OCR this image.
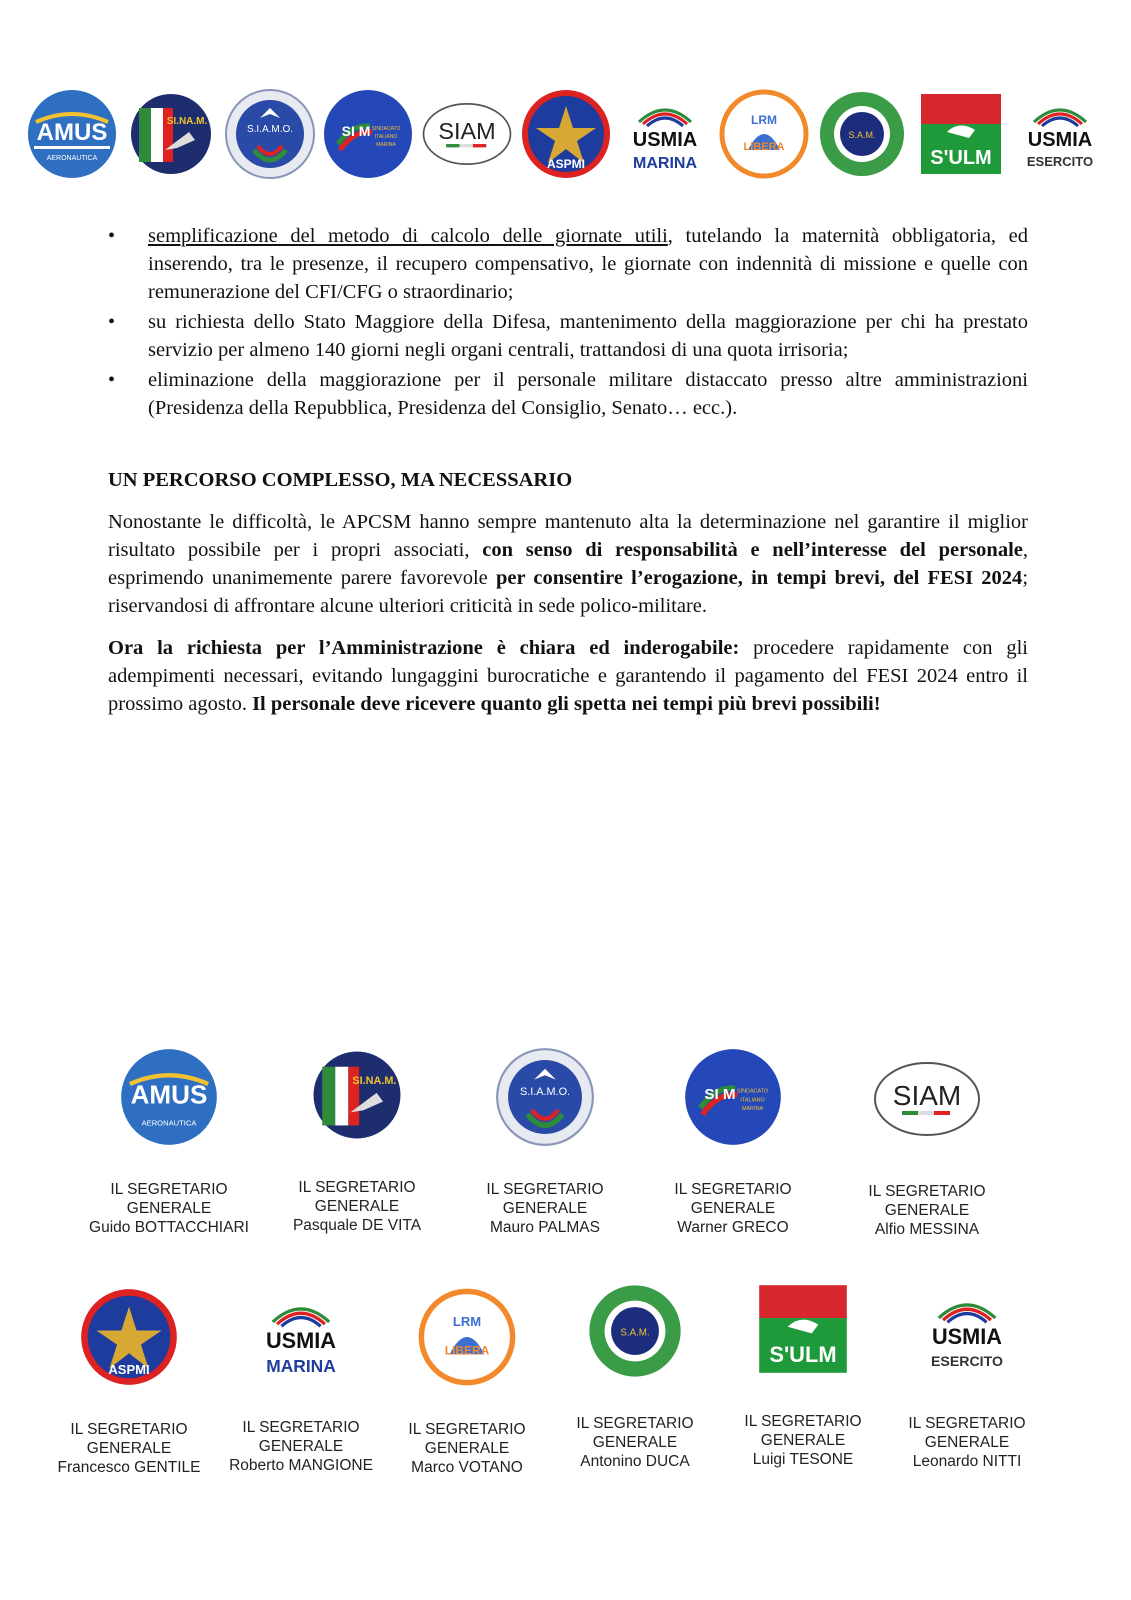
AMUS
AERONAUTICA
SI.NA.M.
S.I.A.M.O.	SI M SINDACATO
ITALIANO
MARINA
SIAM
ASPMI
USMIA
MARINA
LRM
LIBERA
S.A.M.
S'ULM
USMIA
ESERCITO
• semplificazione del metodo di calcolo delle giornate utili, tutelando la maternità obbligatoria, ed inserendo, tra le presenze, il recupero compensativo, le giornate con indennità di missione e quelle con remunerazione del CFI/CFG o straordinario;
• su richiesta dello Stato Maggiore della Difesa, mantenimento della maggiorazione per chi ha prestato servizio per almeno 140 giorni negli organi centrali, trattandosi di una quota irrisoria;
• eliminazione della maggiorazione per il personale militare distaccato presso altre amministrazioni (Presidenza della Repubblica, Presidenza del Consiglio, Senato… ecc.).
UN PERCORSO COMPLESSO, MA NECESSARIO

Nonostante le difficoltà, le APCSM hanno sempre mantenuto alta la determinazione nel garantire il miglior risultato possibile per i propri associati, con senso di responsabilità e nell’interesse del personale, esprimendo unanimemente parere favorevole per consentire l’erogazione, in tempi brevi, del FESI 2024; riservandosi di affrontare alcune ulteriori criticità in sede polico-militare.

Ora la richiesta per l’Amministrazione è chiara ed inderogabile: procedere rapidamente con gli adempimenti necessari, evitando lungaggini burocratiche e garantendo il pagamento del FESI 2024 entro il prossimo agosto. Il personale deve ricevere quanto gli spetta nei tempi più brevi possibili!

AMUS
AERONAUTICA
IL SEGRETARIO
GENERALE
Guido BOTTACCHIARI
SI.NA.M.
IL SEGRETARIO
GENERALE
Pasquale DE VITA
S.I.A.M.O.
IL SEGRETARIO
GENERALE
Mauro PALMAS
SI M SINDACATO
ITALIANO
MARINA
IL SEGRETARIO
GENERALE
Warner GRECO
SIAM
IL SEGRETARIO
GENERALE
Alfio MESSINA
ASPMI
IL SEGRETARIO
GENERALE
Francesco GENTILE
USMIA
MARINA
IL SEGRETARIO
GENERALE
Roberto MANGIONE
LRM
LIBERA
IL SEGRETARIO
GENERALE
Marco VOTANO
S.A.M.
IL SEGRETARIO
GENERALE
Antonino DUCA
S'ULM
IL SEGRETARIO
GENERALE
Luigi TESONE
USMIA
ESERCITO
IL SEGRETARIO
GENERALE
Leonardo NITTI
